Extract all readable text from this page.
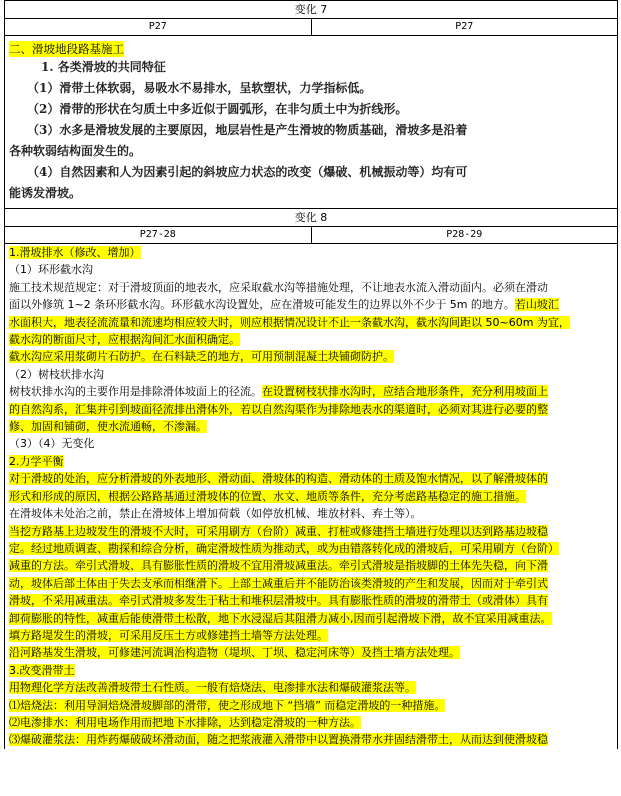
变化 7
P27	P27
二、滑坡地段路基施工

1. 各类滑坡的共同特征

（1）滑带土体软弱，易吸水不易排水，呈软塑状，力学指标低。

（2）滑带的形状在匀质土中多近似于圆弧形，在非匀质土中为折线形。

（3）水多是滑坡发展的主要原因，地层岩性是产生滑坡的物质基础，滑坡多是沿着

各种软弱结构面发生的。

（4）自然因素和人为因素引起的斜坡应力状态的改变（爆破、机械振动等）均有可

能诱发滑坡。

变化 8
P27-28	P28-29

1.滑坡排水（修改、增加）

（1）环形截水沟

施工技术规范规定：对于滑坡顶面的地表水，应采取截水沟等措施处理，不让地表水流入滑动面内。必须在滑动

面以外修筑 1~2 条环形截水沟。环形截水沟设置处，应在滑坡可能发生的边界以外不少于 5m 的地方。若山坡汇

水面积大，地表径流流量和流速均相应较大时，则应根据情况设计不止一条截水沟，截水沟间距以 50~60m 为宜，

截水沟的断面尺寸，应根据沟间汇水面积确定。

截水沟应采用浆砌片石防护。在石料缺乏的地方，可用预制混凝土块铺砌防护。

（2）树枝状排水沟

树枝状排水沟的主要作用是排除滑体坡面上的径流。在设置树枝状排水沟时，应结合地形条件，充分利用坡面上

的自然沟系，汇集并引到坡面径流排出滑体外，若以自然沟渠作为排除地表水的渠道时，必须对其进行必要的整

修、加固和铺砌，使水流通畅，不渗漏。

（3）（4）无变化

2.力学平衡

对于滑坡的处治，应分析滑坡的外表地形、滑动面、滑坡体的构造、滑动体的土质及饱水情况，以了解滑坡体的

形式和形成的原因，根据公路路基通过滑坡体的位置、水文、地质等条件，充分考虑路基稳定的施工措施。

在滑坡体未处治之前，禁止在滑坡体上增加荷载（如停放机械、堆放材料、弃土等）。

当挖方路基上边坡发生的滑坡不大时，可采用刷方（台阶）减重、打桩或修建挡土墙进行处理以达到路基边坡稳

定。经过地质调查、勘探和综合分析，确定滑坡性质为推动式，或为由错落转化成的滑坡后，可采用刷方（台阶）

减重的方法。牵引式滑坡、具有膨胀性质的滑坡不宜用滑坡减重法。牵引式滑坡是指坡脚的土体先失稳，向下滑

动，坡体后部土体由于失去支承而相继滑下。上部土减重后并不能防治该类滑坡的产生和发展，因而对于牵引式

滑坡，不采用减重法。牵引式滑坡多发生于粘土和堆积层滑坡中。具有膨胀性质的滑坡的滑带土（或滑体）具有

卸荷膨胀的特性，减重后能使滑带土松散，地下水浸湿后其阻滑力减小,因而引起滑坡下滑，故不宜采用减重法。

填方路堤发生的滑坡，可采用反压土方或修建挡土墙等方法处理。

沿河路基发生滑坡，可修建河流调治构造物（堤坝、丁坝、稳定河床等）及挡土墙方法处理。

3.改变滑带土

用物理化学方法改善滑坡带土石性质。一般有焙烧法、电渗排水法和爆破灌浆法等。

⑴焙烧法：利用导洞焙烧滑坡脚部的滑带，使之形成地下 “挡墙” 而稳定滑坡的一种措施。

⑵电渗排水：利用电场作用而把地下水排除，达到稳定滑坡的一种方法。

⑶爆破灌浆法：用炸药爆破破坏滑动面，随之把浆液灌入滑带中以置换滑带水并固结滑带土，从而达到使滑坡稳
